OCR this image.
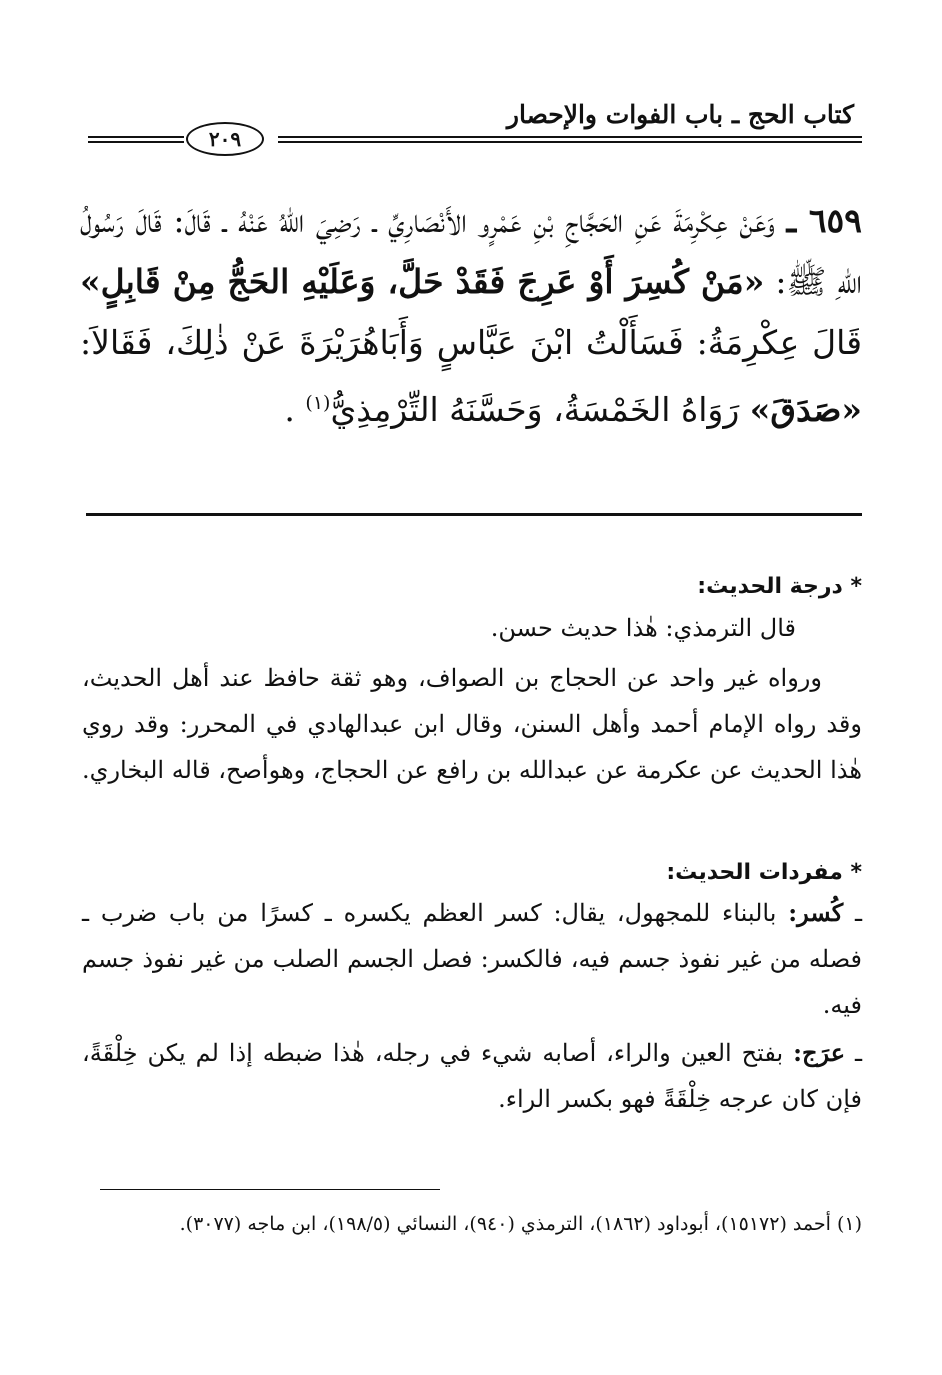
كتاب الحج ـ باب الفوات والإحصار
٢٠٩
٦٥٩ ـ وَعَنْ عِكْرِمَةَ عَنِ الحَجَّاجِ بْنِ عَمْرٍو الأَنْصَارِيِّ ـ رَضِيَ اللهُ عَنْهُ ـ قَالَ: قَالَ رَسُولُ اللهِ ﷺ: «مَنْ كُسِرَ أَوْ عَرِجَ فَقَدْ حَلَّ، وَعَلَيْهِ الحَجُّ مِنْ قَابِلٍ» قَالَ عِكْرِمَةُ: فَسَأَلْتُ ابْنَ عَبَّاسٍ وَأَبَاهُرَيْرَةَ عَنْ ذٰلِكَ، فَقَالاَ: «صَدَقَ» رَوَاهُ الخَمْسَةُ، وَحَسَّنَهُ التِّرْمِذِيُّ$^{(١)}$ .
* درجة الحديث:
قال الترمذي: هٰذا حديث حسن.
ورواه غير واحد عن الحجاج بن الصواف، وهو ثقة حافظ عند أهل الحديث، وقد رواه الإمام أحمد وأهل السنن، وقال ابن عبدالهادي في المحرر: وقد روي هٰذا الحديث عن عكرمة عن عبدالله بن رافع عن الحجاج، وهوأصح، قاله البخاري.
* مفردات الحديث:
ـ كُسر: بالبناء للمجهول، يقال: كسر العظم يكسره ـ كسرًا من باب ضرب ـ فصله من غير نفوذ جسم فيه، فالكسر: فصل الجسم الصلب من غير نفوذ جسم فيه.
ـ عرَج: بفتح العين والراء، أصابه شيء في رجله، هٰذا ضبطه إذا لم يكن خِلْقَةً، فإن كان عرجه خِلْقَةً فهو بكسر الراء.
(١) أحمد (١٥١٧٢)، أبوداود (١٨٦٢)، الترمذي (٩٤٠)، النسائي (١٩٨/٥)، ابن ماجه (٣٠٧٧).
